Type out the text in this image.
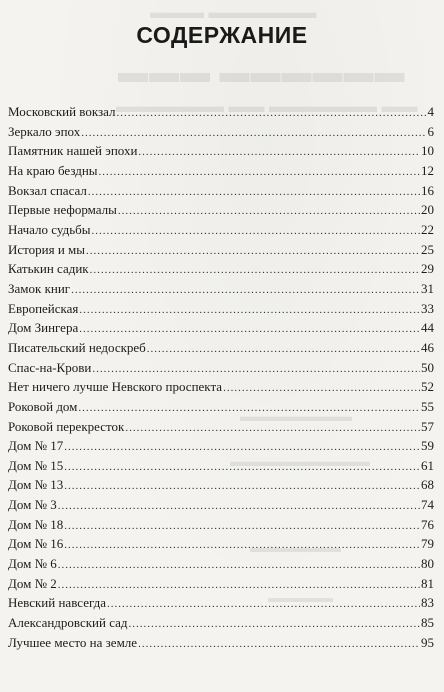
▬▬▬ ▬▬▬▬▬▬
▬▬▬ ▬▬▬▬▬▬
▬▬▬▬▬▬ ▬▬ ▬▬▬▬▬▬ ▬▬
▬▬▬▬▬▬▬▬
▬▬▬▬▬▬▬▬▬▬
▬▬▬▬▬▬▬
▬▬▬▬▬
СОДЕРЖАНИЕ
Московский вокзал .....	4
Зеркало эпох .....	6
Памятник нашей эпохи .....	10
На краю бездны .....	12
Вокзал спасал .....	16
Первые неформалы .....	20
Начало судьбы .....	22
История и мы .....	25
Катькин садик .....	29
Замок книг .....	31
Европейская .....	33
Дом Зингера .....	44
Писательский недоскреб .....	46
Спас-на-Крови .....	50
Нет ничего лучше Невского проспекта .....	52
Роковой дом .....	55
Роковой перекресток .....	57
Дом № 17 .....	59
Дом № 15 .....	61
Дом № 13 .....	68
Дом № 3 .....	74
Дом № 18 .....	76
Дом № 16 .....	79
Дом № 6 .....	80
Дом № 2 .....	81
Невский навсегда .....	83
Александровский сад .....	85
Лучшее место на земле .....	95
